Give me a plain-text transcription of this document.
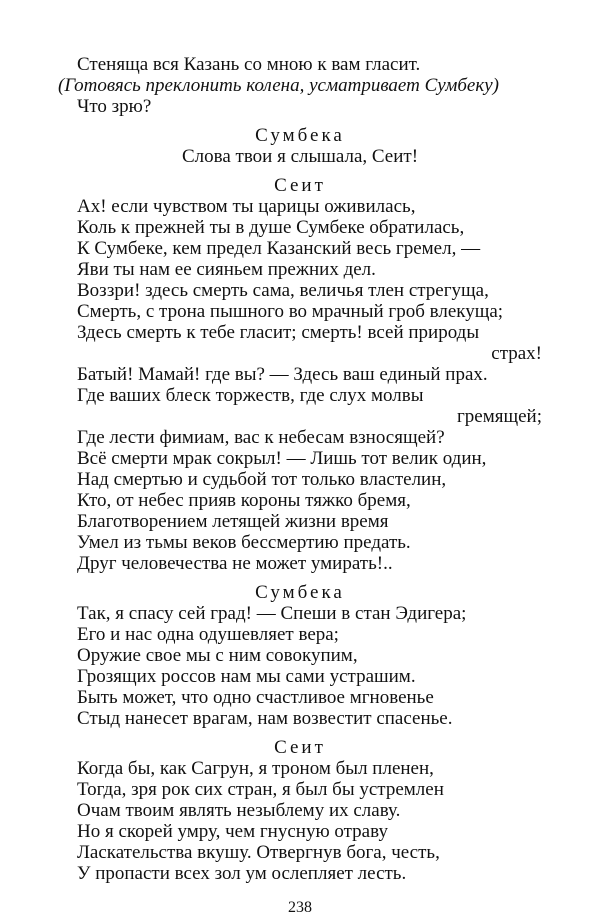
Стеняща вся Казань со мною к вам гласит.
(Готовясь преклонить колена, усматривает Сумбеку)
Что зрю?
Сумбека
Слова твои я слышала, Сеит!
Сеит
Ах! если чувством ты царицы оживилась,
Коль к прежней ты в душе Сумбеке обратилась,
К Сумбеке, кем предел Казанский весь гремел, —
Яви ты нам ее сияньем прежних дел.
Воззри! здесь смерть сама, величья тлен стрегуща,
Смерть, с трона пышного во мрачный гроб влекуща;
Здесь смерть к тебе гласит; смерть! всей природы
страх!
Батый! Мамай! где вы? — Здесь ваш единый прах.
Где ваших блеск торжеств, где слух молвы
гремящей;
Где лести фимиам, вас к небесам взносящей?
Всё смерти мрак сокрыл! — Лишь тот велик один,
Над смертью и судьбой тот только властелин,
Кто, от небес прияв короны тяжко бремя,
Благотворением летящей жизни время
Умел из тьмы веков бессмертию предать.
Друг человечества не может умирать!..
Сумбека
Так, я спасу сей град! — Спеши в стан Эдигера;
Его и нас одна одушевляет вера;
Оружие свое мы с ним совокупим,
Грозящих россов нам мы сами устрашим.
Быть может, что одно счастливое мгновенье
Стыд нанесет врагам, нам возвестит спасенье.
Сеит
Когда бы, как Сагрун, я троном был пленен,
Тогда, зря рок сих стран, я был бы устремлен
Очам твоим являть незыблему их славу.
Но я скорей умру, чем гнусную отраву
Ласкательства вкушу. Отвергнув бога, честь,
У пропасти всех зол ум ослепляет лесть.
238
